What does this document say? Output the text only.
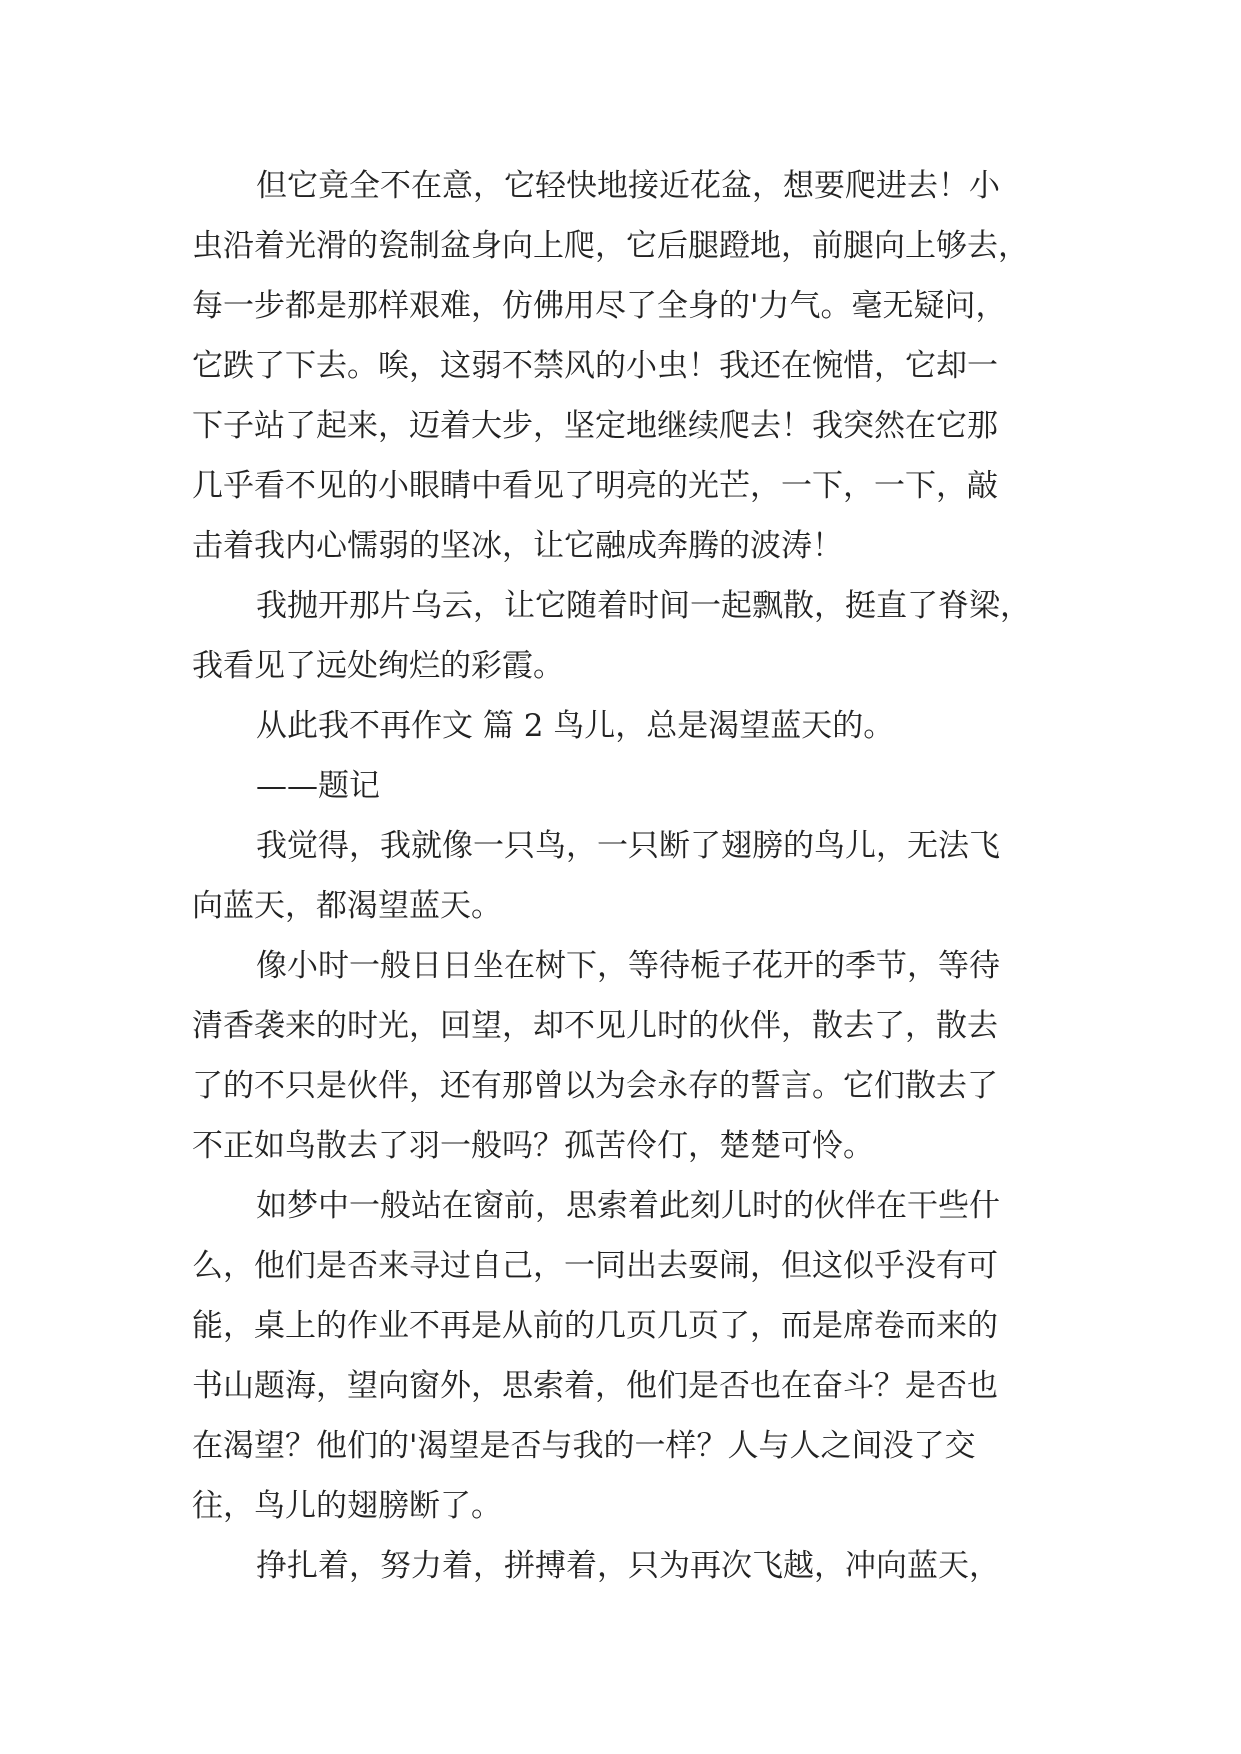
但它竟全不在意，它轻快地接近花盆，想要爬进去！小

虫沿着光滑的瓷制盆身向上爬，它后腿蹬地，前腿向上够去，

每一步都是那样艰难，仿佛用尽了全身的'力气。毫无疑问，

它跌了下去。唉，这弱不禁风的小虫！我还在惋惜，它却一

下子站了起来，迈着大步，坚定地继续爬去！我突然在它那

几乎看不见的小眼睛中看见了明亮的光芒，一下，一下，敲

击着我内心懦弱的坚冰，让它融成奔腾的波涛！

我抛开那片乌云，让它随着时间一起飘散，挺直了脊梁，

我看见了远处绚烂的彩霞。

从此我不再作文 篇 2 鸟儿，总是渴望蓝天的。

——题记

我觉得，我就像一只鸟，一只断了翅膀的鸟儿，无法飞

向蓝天，都渴望蓝天。

像小时一般日日坐在树下，等待栀子花开的季节，等待

清香袭来的时光，回望，却不见儿时的伙伴，散去了，散去

了的不只是伙伴，还有那曾以为会永存的誓言。它们散去了

不正如鸟散去了羽一般吗？孤苦伶仃，楚楚可怜。

如梦中一般站在窗前，思索着此刻儿时的伙伴在干些什

么，他们是否来寻过自己，一同出去耍闹，但这似乎没有可

能，桌上的作业不再是从前的几页几页了，而是席卷而来的

书山题海，望向窗外，思索着，他们是否也在奋斗？是否也

在渴望？他们的'渴望是否与我的一样？人与人之间没了交

往，鸟儿的翅膀断了。

挣扎着，努力着，拼搏着，只为再次飞越，冲向蓝天，
